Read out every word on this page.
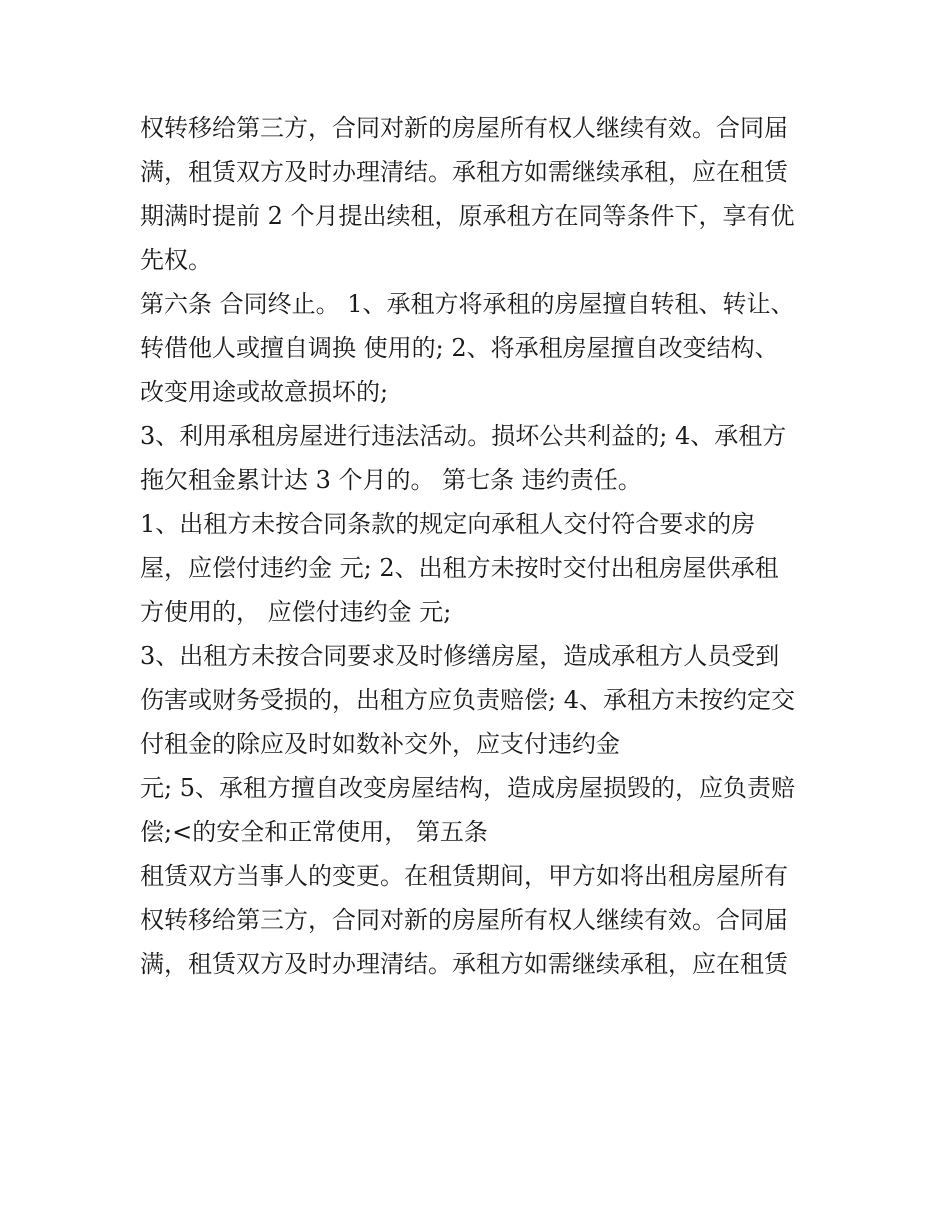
权转移给第三方，合同对新的房屋所有权人继续有效。合同届
满，租赁双方及时办理清结。承租方如需继续承租，应在租赁
期满时提前 2 个月提出续租，原承租方在同等条件下，享有优
先权。
第六条 合同终止。 1、承租方将承租的房屋擅自转租、转让、
转借他人或擅自调换 使用的; 2、将承租房屋擅自改变结构、
改变用途或故意损坏的;
3、利用承租房屋进行违法活动。损坏公共利益的; 4、承租方
拖欠租金累计达 3 个月的。 第七条 违约责任。
1、出租方未按合同条款的规定向承租人交付符合要求的房
屋，应偿付违约金 元; 2、出租方未按时交付出租房屋供承租
方使用的， 应偿付违约金 元;
3、出租方未按合同要求及时修缮房屋，造成承租方人员受到
伤害或财务受损的，出租方应负责赔偿; 4、承租方未按约定交
付租金的除应及时如数补交外，应支付违约金
元; 5、承租方擅自改变房屋结构，造成房屋损毁的，应负责赔
偿;<的安全和正常使用， 第五条
租赁双方当事人的变更。在租赁期间，甲方如将出租房屋所有
权转移给第三方，合同对新的房屋所有权人继续有效。合同届
满，租赁双方及时办理清结。承租方如需继续承租，应在租赁
